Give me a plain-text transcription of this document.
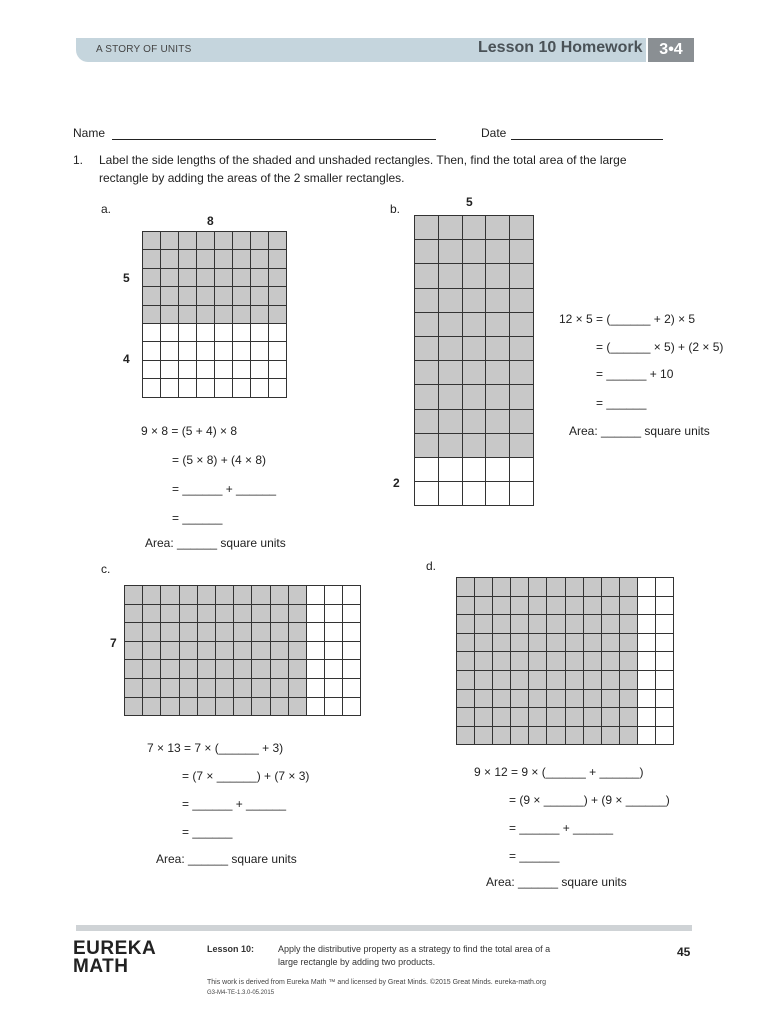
A STORY OF UNITS	Lesson 10 Homework	3•4
Name	Date
1. Label the side lengths of the shaded and unshaded rectangles. Then, find the total area of the large
rectangle by adding the areas of the 2 smaller rectangles.
a.
8
5
4
9 × 8 = (5 + 4) × 8
= (5 × 8) + (4 × 8)
= ______ + ______
= ______
Area: ______ square units
b.	5
2
12 × 5 = (______ + 2) × 5
= (______ × 5) + (2 × 5)
= ______ + 10
= ______
Area: ______ square units
c.
7
7 × 13 = 7 × (______ + 3)
= (7 × ______) + (7 × 3)
= ______ + ______
= ______
Area: ______ square units
d.
9 × 12 = 9 × (______ + ______)
= (9 × ______) + (9 × ______)
= ______ + ______
= ______
Area: ______ square units
EUREKA
MATH
Lesson 10:	Apply the distributive property as a strategy to find the total area of a
large rectangle by adding two products.
45
This work is derived from Eureka Math ™ and licensed by Great Minds. ©2015 Great Minds. eureka-math.org
G3-M4-TE-1.3.0-05.2015
